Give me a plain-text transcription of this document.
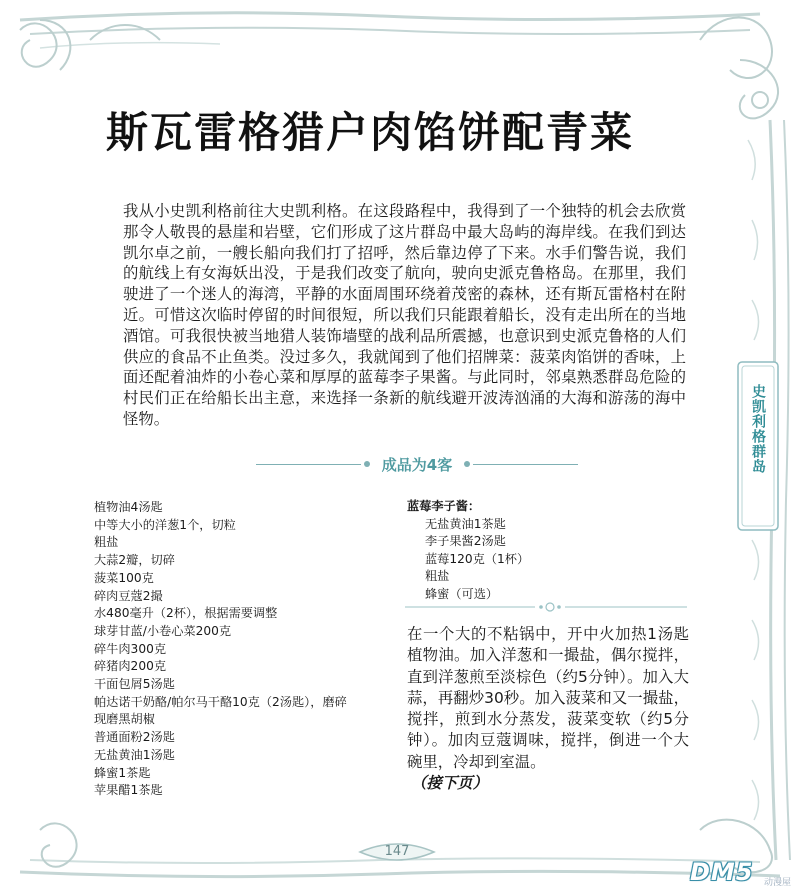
斯瓦雷格猎户肉馅饼配青菜

我从小史凯利格前往大史凯利格。在这段路程中，我得到了一个独特的机会去欣赏那令人敬畏的悬崖和岩壁，它们形成了这片群岛中最大岛屿的海岸线。在我们到达凯尔卓之前，一艘长船向我们打了招呼，然后靠边停了下来。水手们警告说，我们的航线上有女海妖出没，于是我们改变了航向，驶向史派克鲁格岛。在那里，我们驶进了一个迷人的海湾，平静的水面周围环绕着茂密的森林，还有斯瓦雷格村在附近。可惜这次临时停留的时间很短，所以我们只能跟着船长，没有走出所在的当地酒馆。可我很快被当地猎人装饰墙壁的战利品所震撼，也意识到史派克鲁格的人们供应的食品不止鱼类。没过多久，我就闻到了他们招牌菜：菠菜肉馅饼的香味，上面还配着油炸的小卷心菜和厚厚的蓝莓李子果酱。与此同时，邻桌熟悉群岛危险的村民们正在给船长出主意，来选择一条新的航线避开波涛汹涌的大海和游荡的海中怪物。

成品为4客
植物油4汤匙
中等大小的洋葱1个，切粒
粗盐
大蒜2瓣，切碎
菠菜100克
碎肉豆蔻2撮
水480毫升（2杯），根据需要调整
球芽甘蓝/小卷心菜200克
碎牛肉300克
碎猪肉200克
干面包屑5汤匙
帕达诺干奶酪/帕尔马干酪10克（2汤匙），磨碎
现磨黑胡椒
普通面粉2汤匙
无盐黄油1汤匙
蜂蜜1茶匙
苹果醋1茶匙
蓝莓李子酱：
无盐黄油1茶匙
李子果酱2汤匙
蓝莓120克（1杯）
粗盐
蜂蜜（可选）
在一个大的不粘锅中，开中火加热1汤匙植物油。加入洋葱和一撮盐，偶尔搅拌，直到洋葱煎至淡棕色（约5分钟）。加入大蒜，再翻炒30秒。加入菠菜和又一撮盐，搅拌，煎到水分蒸发，菠菜变软（约5分钟）。加肉豆蔻调味，搅拌，倒进一个大碗里，冷却到室温。
（接下页）
史凯利格群岛
147
DM5 动漫屋
